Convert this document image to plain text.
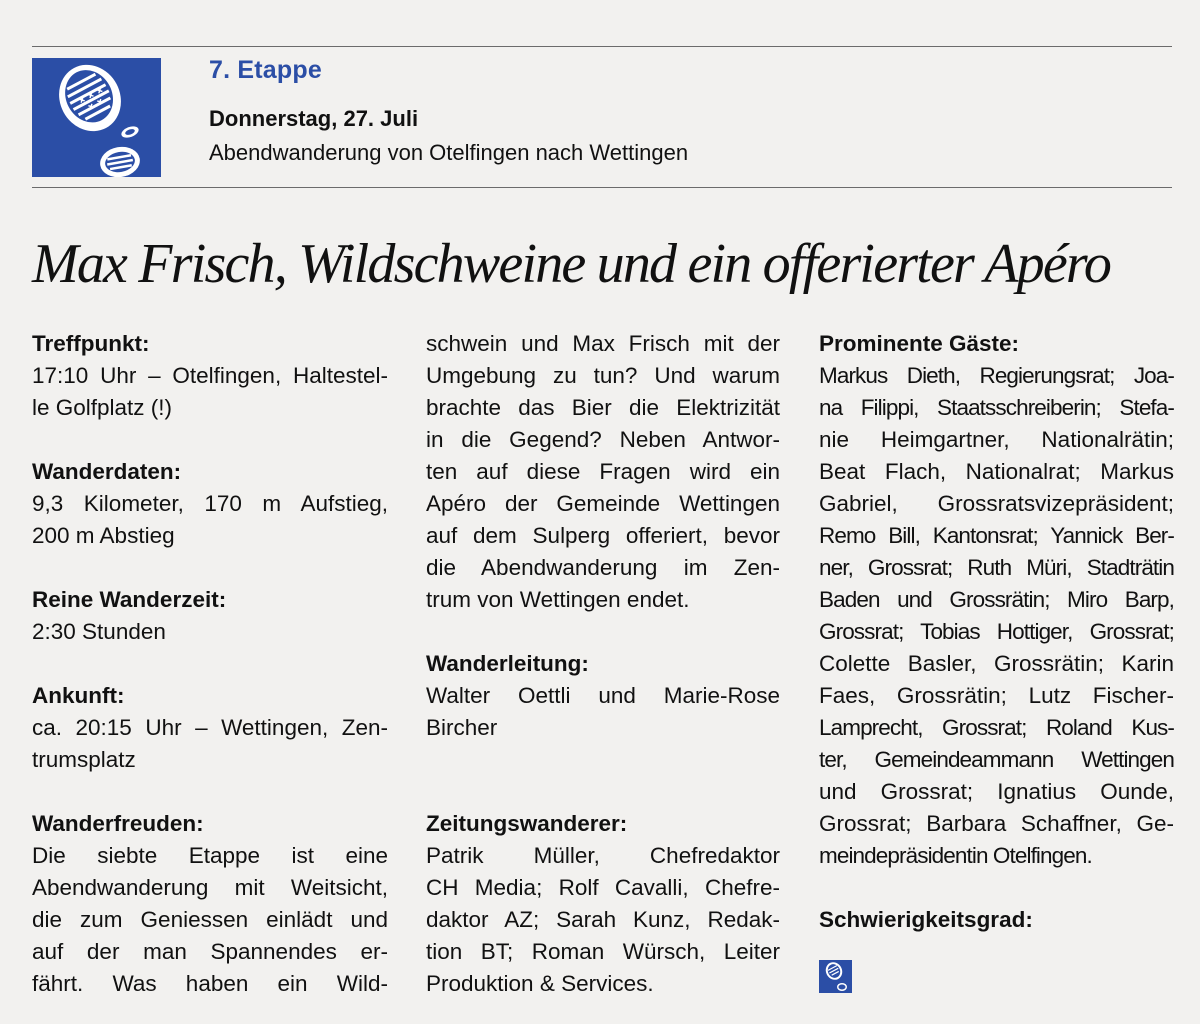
7. Etappe
Donnerstag, 27. Juli
Abendwanderung von Otelfingen nach Wettingen
Max Frisch, Wildschweine und ein offerierter Apéro
Treffpunkt:
17:10 Uhr – Otelfingen, Haltestel-
le Golfplatz (!)
Wanderdaten:
9,3 Kilometer, 170 m Aufstieg,
200 m Abstieg
Reine Wanderzeit:
2:30 Stunden
Ankunft:
ca. 20:15 Uhr – Wettingen, Zen-
trumsplatz
Wanderfreuden:
Die siebte Etappe ist eine
Abendwanderung mit Weitsicht,
die zum Geniessen einlädt und
auf der man Spannendes er-
fährt. Was haben ein Wild-
schwein und Max Frisch mit der
Umgebung zu tun? Und warum
brachte das Bier die Elektrizität
in die Gegend? Neben Antwor-
ten auf diese Fragen wird ein
Apéro der Gemeinde Wettingen
auf dem Sulperg offeriert, bevor
die Abendwanderung im Zen-
trum von Wettingen endet.
Wanderleitung:
Walter Oettli und Marie-Rose
Bircher
Zeitungswanderer:
Patrik Müller, Chefredaktor
CH Media; Rolf Cavalli, Chefre-
daktor AZ; Sarah Kunz, Redak-
tion BT; Roman Würsch, Leiter
Produktion & Services.
Prominente Gäste:
Markus Dieth, Regierungsrat; Joa-
na Filippi, Staatsschreiberin; Stefa-
nie Heimgartner, Nationalrätin;
Beat Flach, Nationalrat; Markus
Gabriel, Grossratsvizepräsident;
Remo Bill, Kantonsrat; Yannick Ber-
ner, Grossrat; Ruth Müri, Stadträtin
Baden und Grossrätin; Miro Barp,
Grossrat; Tobias Hottiger, Grossrat;
Colette Basler, Grossrätin; Karin
Faes, Grossrätin; Lutz Fischer-
Lamprecht, Grossrat; Roland Kus-
ter, Gemeindeammann Wettingen
und Grossrat; Ignatius Ounde,
Grossrat; Barbara Schaffner, Ge-
meindepräsidentin Otelfingen.
Schwierigkeitsgrad:
